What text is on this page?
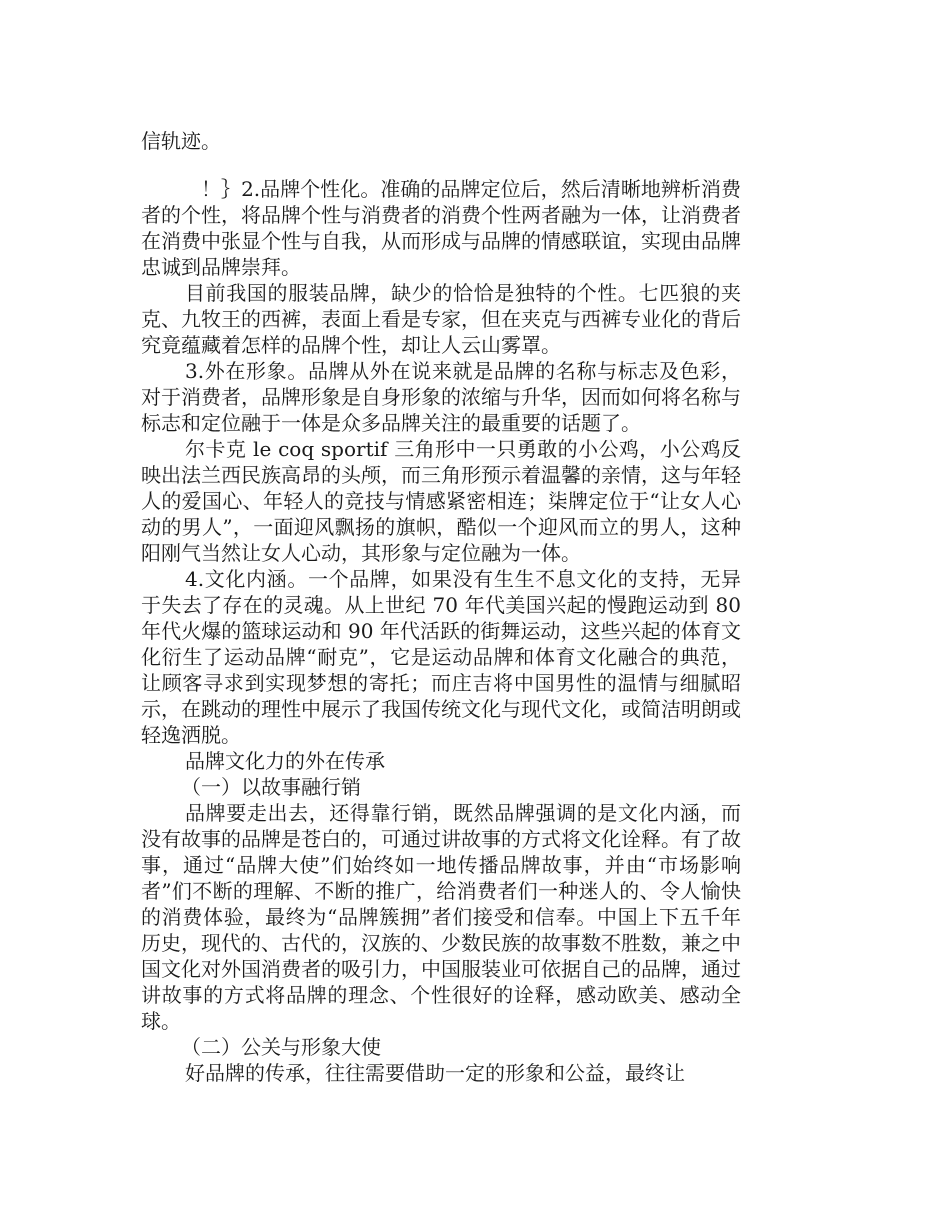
信轨迹。

！｝2.品牌个性化。准确的品牌定位后，然后清晰地辨析消费者的个性，将品牌个性与消费者的消费个性两者融为一体，让消费者在消费中张显个性与自我，从而形成与品牌的情感联谊，实现由品牌忠诚到品牌崇拜。

目前我国的服装品牌，缺少的恰恰是独特的个性。七匹狼的夹克、九牧王的西裤，表面上看是专家，但在夹克与西裤专业化的背后究竟蕴藏着怎样的品牌个性，却让人云山雾罩。

3.外在形象。品牌从外在说来就是品牌的名称与标志及色彩，对于消费者，品牌形象是自身形象的浓缩与升华，因而如何将名称与标志和定位融于一体是众多品牌关注的最重要的话题了。

尔卡克 le coq sportif 三角形中一只勇敢的小公鸡，小公鸡反映出法兰西民族高昂的头颅，而三角形预示着温馨的亲情，这与年轻人的爱国心、年轻人的竞技与情感紧密相连；柒牌定位于“让女人心动的男人”，一面迎风飘扬的旗帜，酷似一个迎风而立的男人，这种阳刚气当然让女人心动，其形象与定位融为一体。

4.文化内涵。一个品牌，如果没有生生不息文化的支持，无异于失去了存在的灵魂。从上世纪 70 年代美国兴起的慢跑运动到 80 年代火爆的篮球运动和 90 年代活跃的街舞运动，这些兴起的体育文化衍生了运动品牌“耐克”，它是运动品牌和体育文化融合的典范，让顾客寻求到实现梦想的寄托；而庄吉将中国男性的温情与细腻昭示，在跳动的理性中展示了我国传统文化与现代文化，或简洁明朗或轻逸洒脱。

品牌文化力的外在传承

（一）以故事融行销

品牌要走出去，还得靠行销，既然品牌强调的是文化内涵，而没有故事的品牌是苍白的，可通过讲故事的方式将文化诠释。有了故事，通过“品牌大使”们始终如一地传播品牌故事，并由“市场影响者”们不断的理解、不断的推广，给消费者们一种迷人的、令人愉快的消费体验，最终为“品牌簇拥”者们接受和信奉。中国上下五千年历史，现代的、古代的，汉族的、少数民族的故事数不胜数，兼之中国文化对外国消费者的吸引力，中国服装业可依据自己的品牌，通过讲故事的方式将品牌的理念、个性很好的诠释，感动欧美、感动全球。

（二）公关与形象大使

好品牌的传承，往往需要借助一定的形象和公益，最终让
